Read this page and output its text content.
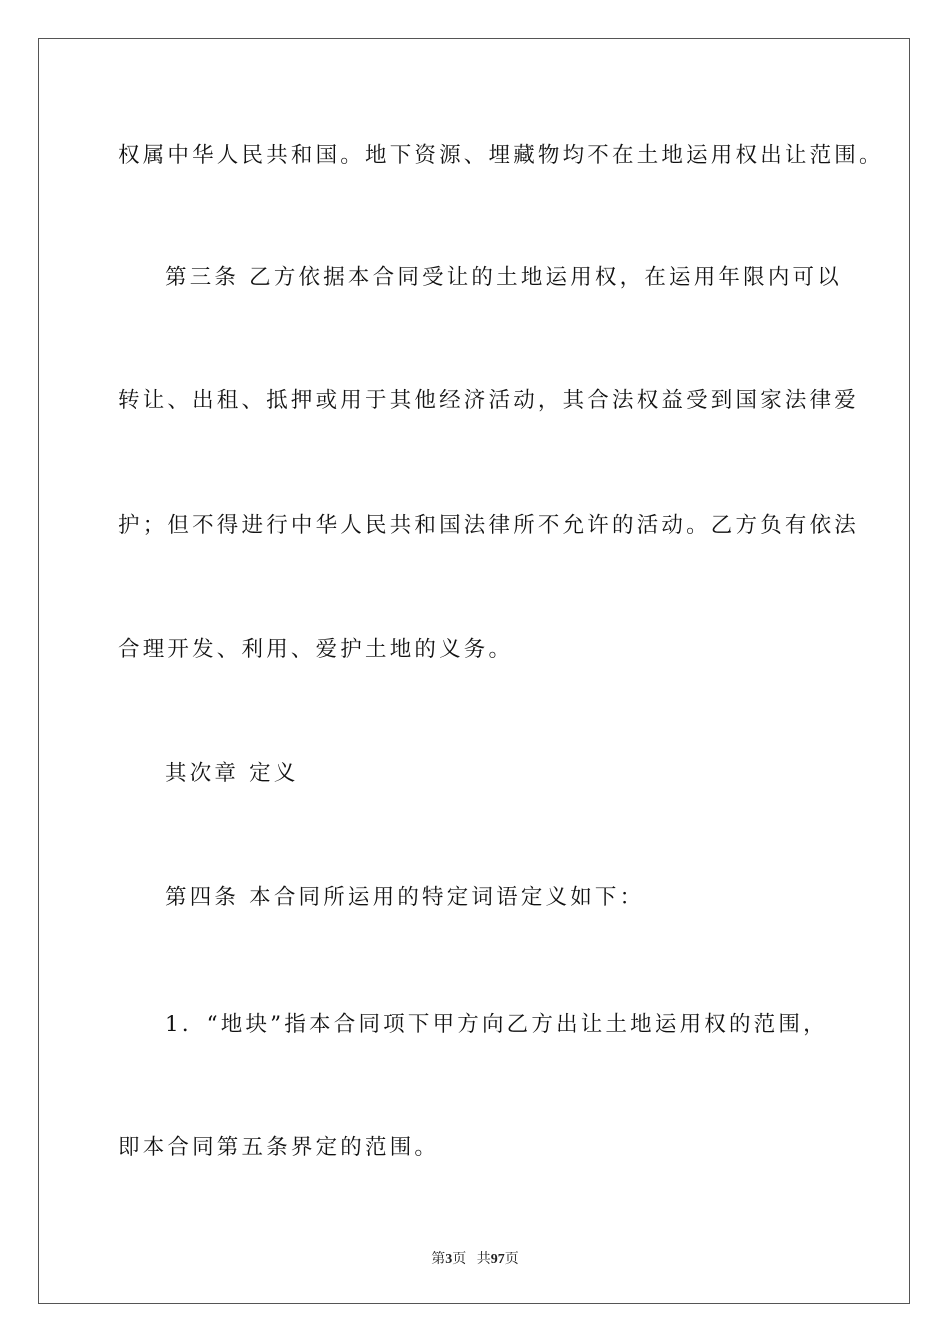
权属中华人民共和国。地下资源、埋藏物均不在土地运用权出让范围。
第三条 乙方依据本合同受让的土地运用权，在运用年限内可以
转让、出租、抵押或用于其他经济活动，其合法权益受到国家法律爱
护；但不得进行中华人民共和国法律所不允许的活动。乙方负有依法
合理开发、利用、爱护土地的义务。
其次章 定义
第四条 本合同所运用的特定词语定义如下：
1．“地块”指本合同项下甲方向乙方出让土地运用权的范围，
即本合同第五条界定的范围。
第3页 共97页
